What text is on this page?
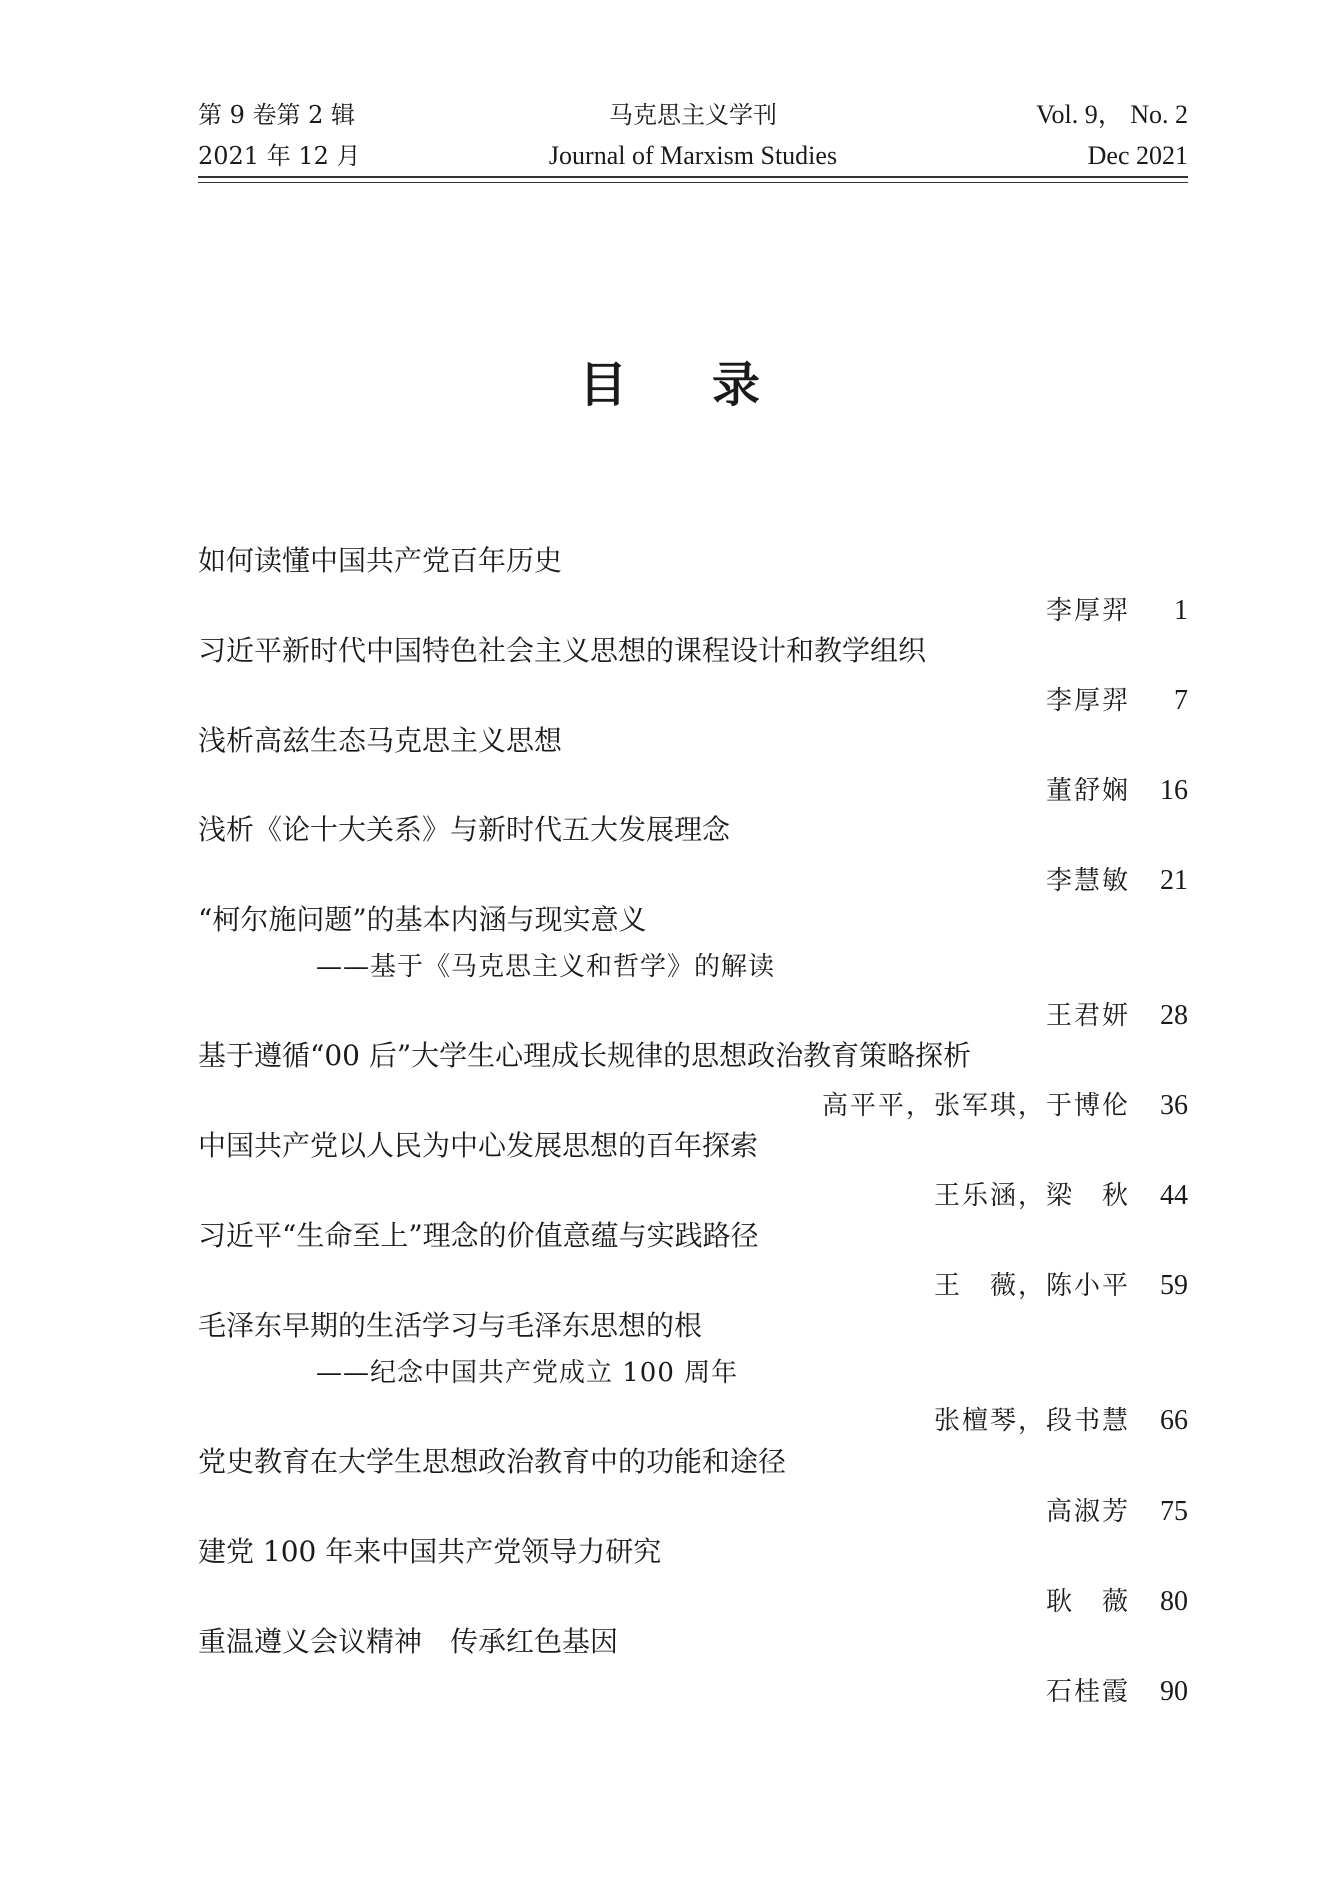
第 9 卷第 2 辑
2021 年 12 月
马克思主义学刊
Journal of Marxism Studies
Vol. 9， No. 2
Dec 2021
目录
如何读懂中国共产党百年历史
李厚羿	1
习近平新时代中国特色社会主义思想的课程设计和教学组织
李厚羿	7
浅析高兹生态马克思主义思想
董舒娴	16
浅析《论十大关系》与新时代五大发展理念
李慧敏	21
“柯尔施问题”的基本内涵与现实意义
——基于《马克思主义和哲学》的解读
王君妍	28
基于遵循“00 后”大学生心理成长规律的思想政治教育策略探析
高平平，张军琪，于博伦	36
中国共产党以人民为中心发展思想的百年探索
王乐涵，梁　秋	44
习近平“生命至上”理念的价值意蕴与实践路径
王　薇，陈小平	59
毛泽东早期的生活学习与毛泽东思想的根
——纪念中国共产党成立 100 周年
张檀琴，段书慧	66
党史教育在大学生思想政治教育中的功能和途径
高淑芳	75
建党 100 年来中国共产党领导力研究
耿　薇	80
重温遵义会议精神　传承红色基因
石桂霞	90
